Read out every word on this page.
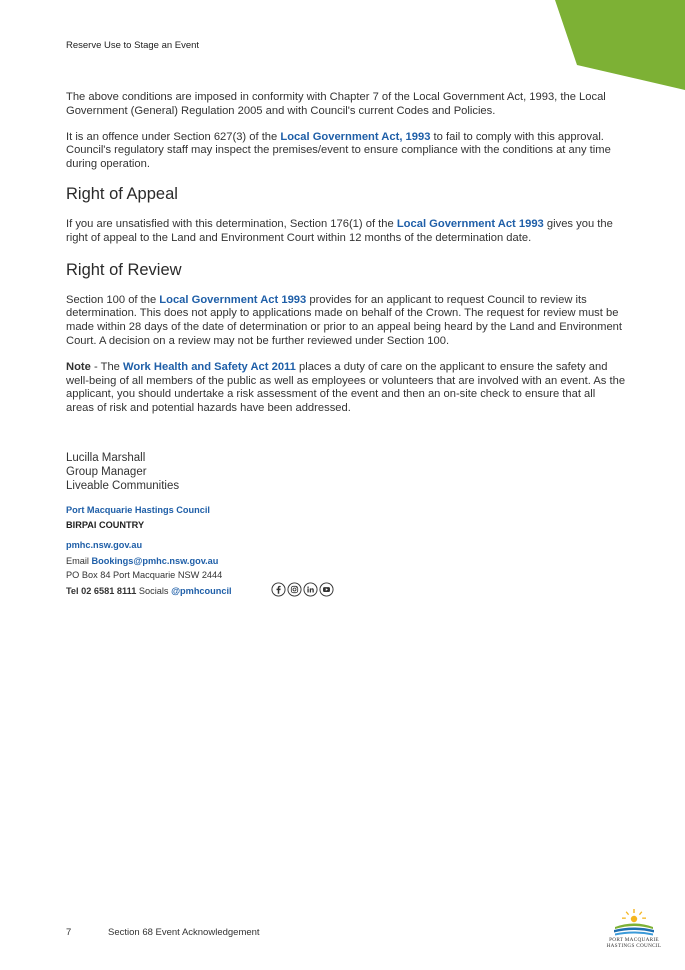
Reserve Use to Stage an Event

The above conditions are imposed in conformity with Chapter 7 of the Local Government Act, 1993, the Local Government (General) Regulation 2005 and with Council's current Codes and Policies.

It is an offence under Section 627(3) of the Local Government Act, 1993 to fail to comply with this approval. Council's regulatory staff may inspect the premises/event to ensure compliance with the conditions at any time during operation.

Right of Appeal

If you are unsatisfied with this determination, Section 176(1) of the Local Government Act 1993 gives you the right of appeal to the Land and Environment Court within 12 months of the determination date.

Right of Review

Section 100 of the Local Government Act 1993 provides for an applicant to request Council to review its determination. This does not apply to applications made on behalf of the Crown. The request for review must be made within 28 days of the date of determination or prior to an appeal being heard by the Land and Environment Court. A decision on a review may not be further reviewed under Section 100.

Note - The Work Health and Safety Act 2011 places a duty of care on the applicant to ensure the safety and well-being of all members of the public as well as employees or volunteers that are involved with an event. As the applicant, you should undertake a risk assessment of the event and then an on-site check to ensure that all areas of risk and potential hazards have been addressed.

Lucilla Marshall
Group Manager
Liveable Communities
Port Macquarie Hastings Council
BIRPAI COUNTRY
pmhc.nsw.gov.au
Email Bookings@pmhc.nsw.gov.au
PO Box 84 Port Macquarie NSW 2444
Tel 02 6581 8111 Socials @pmhcouncil
7	Section 68 Event Acknowledgement
PORT MACQUARIE
HASTINGS COUNCIL
